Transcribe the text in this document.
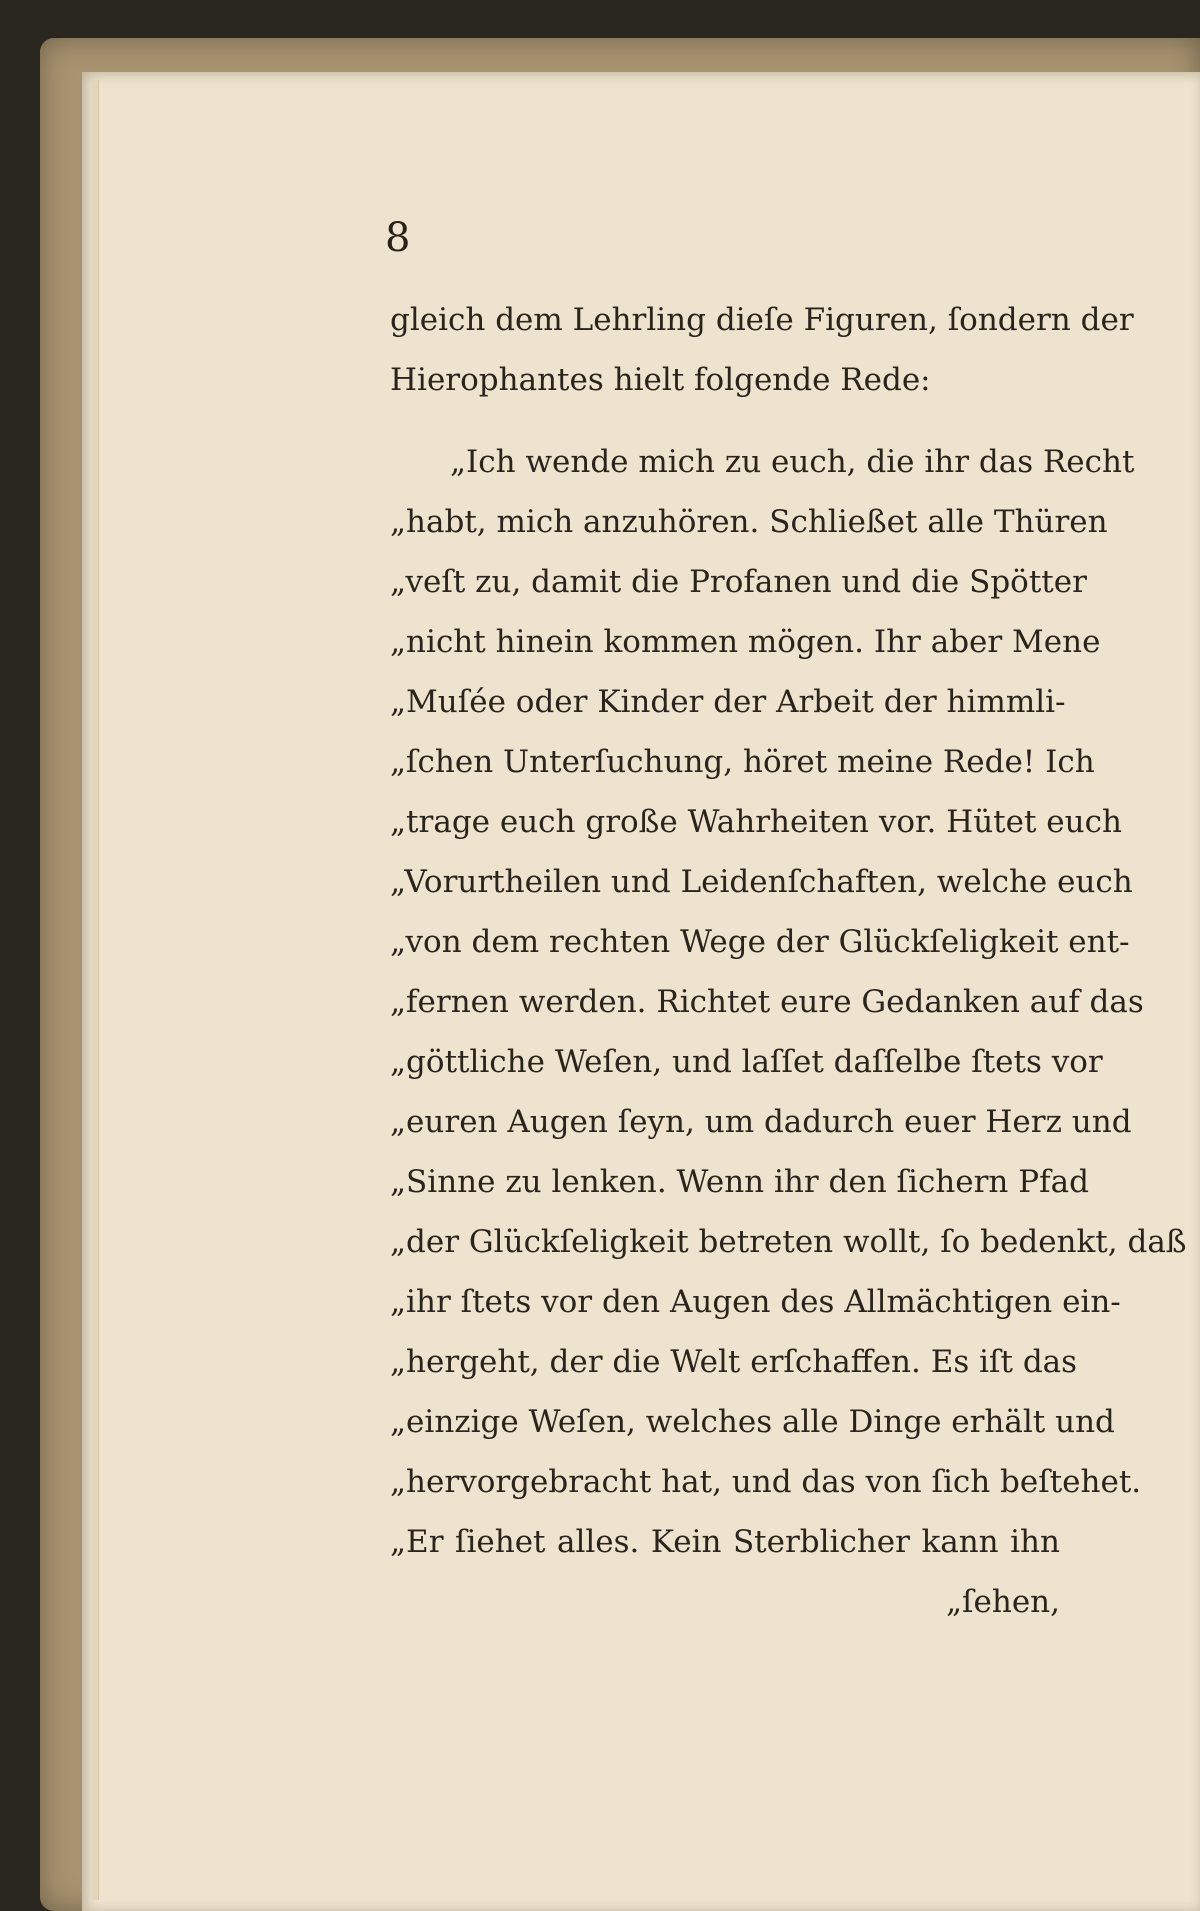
8
gleich dem Lehrling dieſe Figuren, ſondern der
Hierophantes hielt folgende Rede:
„Ich wende mich zu euch, die ihr das Recht
„habt, mich anzuhören. Schließet alle Thüren
„veſt zu, damit die Profanen und die Spötter
„nicht hinein kommen mögen. Ihr aber Mene
„Muſée oder Kinder der Arbeit der himmli‑
„ſchen Unterſuchung, höret meine Rede! Ich
„trage euch große Wahrheiten vor. Hütet euch
„Vorurtheilen und Leidenſchaften, welche euch
„von dem rechten Wege der Glückſeligkeit ent‑
„fernen werden. Richtet eure Gedanken auf das
„göttliche Weſen, und laſſet daſſelbe ſtets vor
„euren Augen ſeyn, um dadurch euer Herz und
„Sinne zu lenken. Wenn ihr den ſichern Pfad
„der Glückſeligkeit betreten wollt, ſo bedenkt, daß
„ihr ſtets vor den Augen des Allmächtigen ein‑
„hergeht, der die Welt erſchaffen. Es iſt das
„einzige Weſen, welches alle Dinge erhält und
„hervorgebracht hat, und das von ſich beſtehet.
„Er ſiehet alles. Kein Sterblicher kann ihn
„ſehen,
